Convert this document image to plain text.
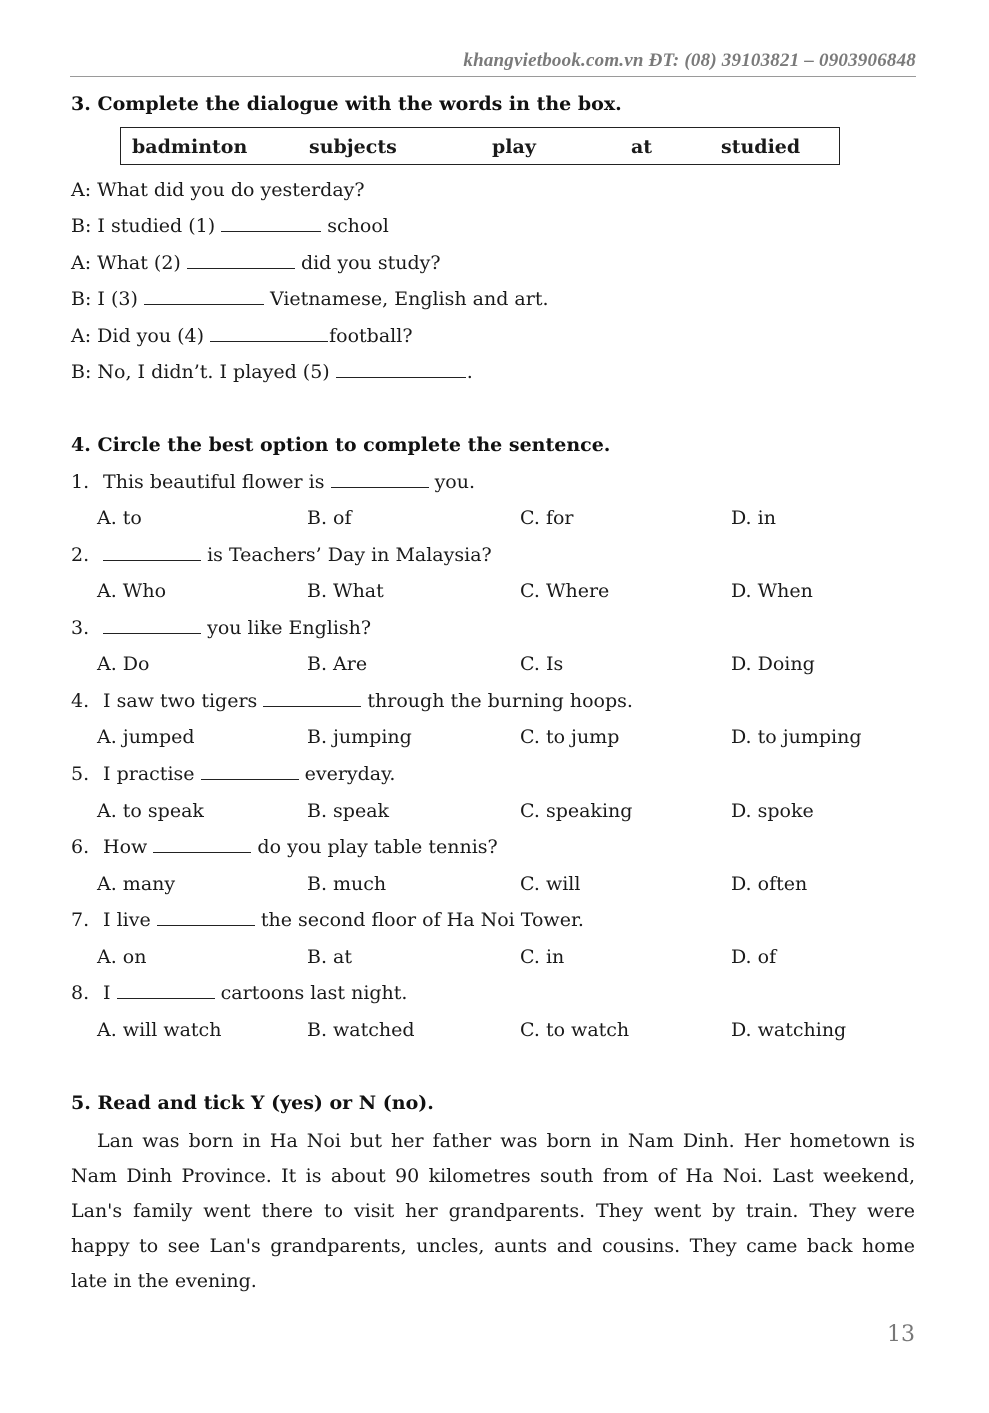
khangvietbook.com.vn ĐT: (08) 39103821 – 0903906848
3. Complete the dialogue with the words in the box.
badminton	subjects	play	at	studied
A: What did you do yesterday?
B: I studied (1)	school
A: What (2)	did you study?
B: I (3)	Vietnamese, English and art.
A: Did you (4)	football?
B: No, I didn’t. I played (5)	.
4. Circle the best option to complete the sentence.
1. This beautiful flower is	you.
A. to	B. of	C. for	D. in
2.	is Teachers’ Day in Malaysia?
A. Who	B. What	C. Where	D. When
3.	you like English?
A. Do	B. Are	C. Is	D. Doing
4. I saw two tigers	through the burning hoops.
A. jumped	B. jumping	C. to jump	D. to jumping
5. I practise	everyday.
A. to speak	B. speak	C. speaking	D. spoke
6. How	do you play table tennis?
A. many	B. much	C. will	D. often
7. I live	the second floor of Ha Noi Tower.
A. on	B. at	C. in	D. of
8. I	cartoons last night.
A. will watch	B. watched	C. to watch	D. watching
5. Read and tick Y (yes) or N (no).
Lan was born in Ha Noi but her father was born in Nam Dinh. Her hometown is Nam Dinh Province. It is about 90 kilometres south from of Ha Noi. Last weekend, Lan's family went there to visit her grandparents. They went by train. They were happy to see Lan's grandparents, uncles, aunts and cousins. They came back home late in the evening.
13
